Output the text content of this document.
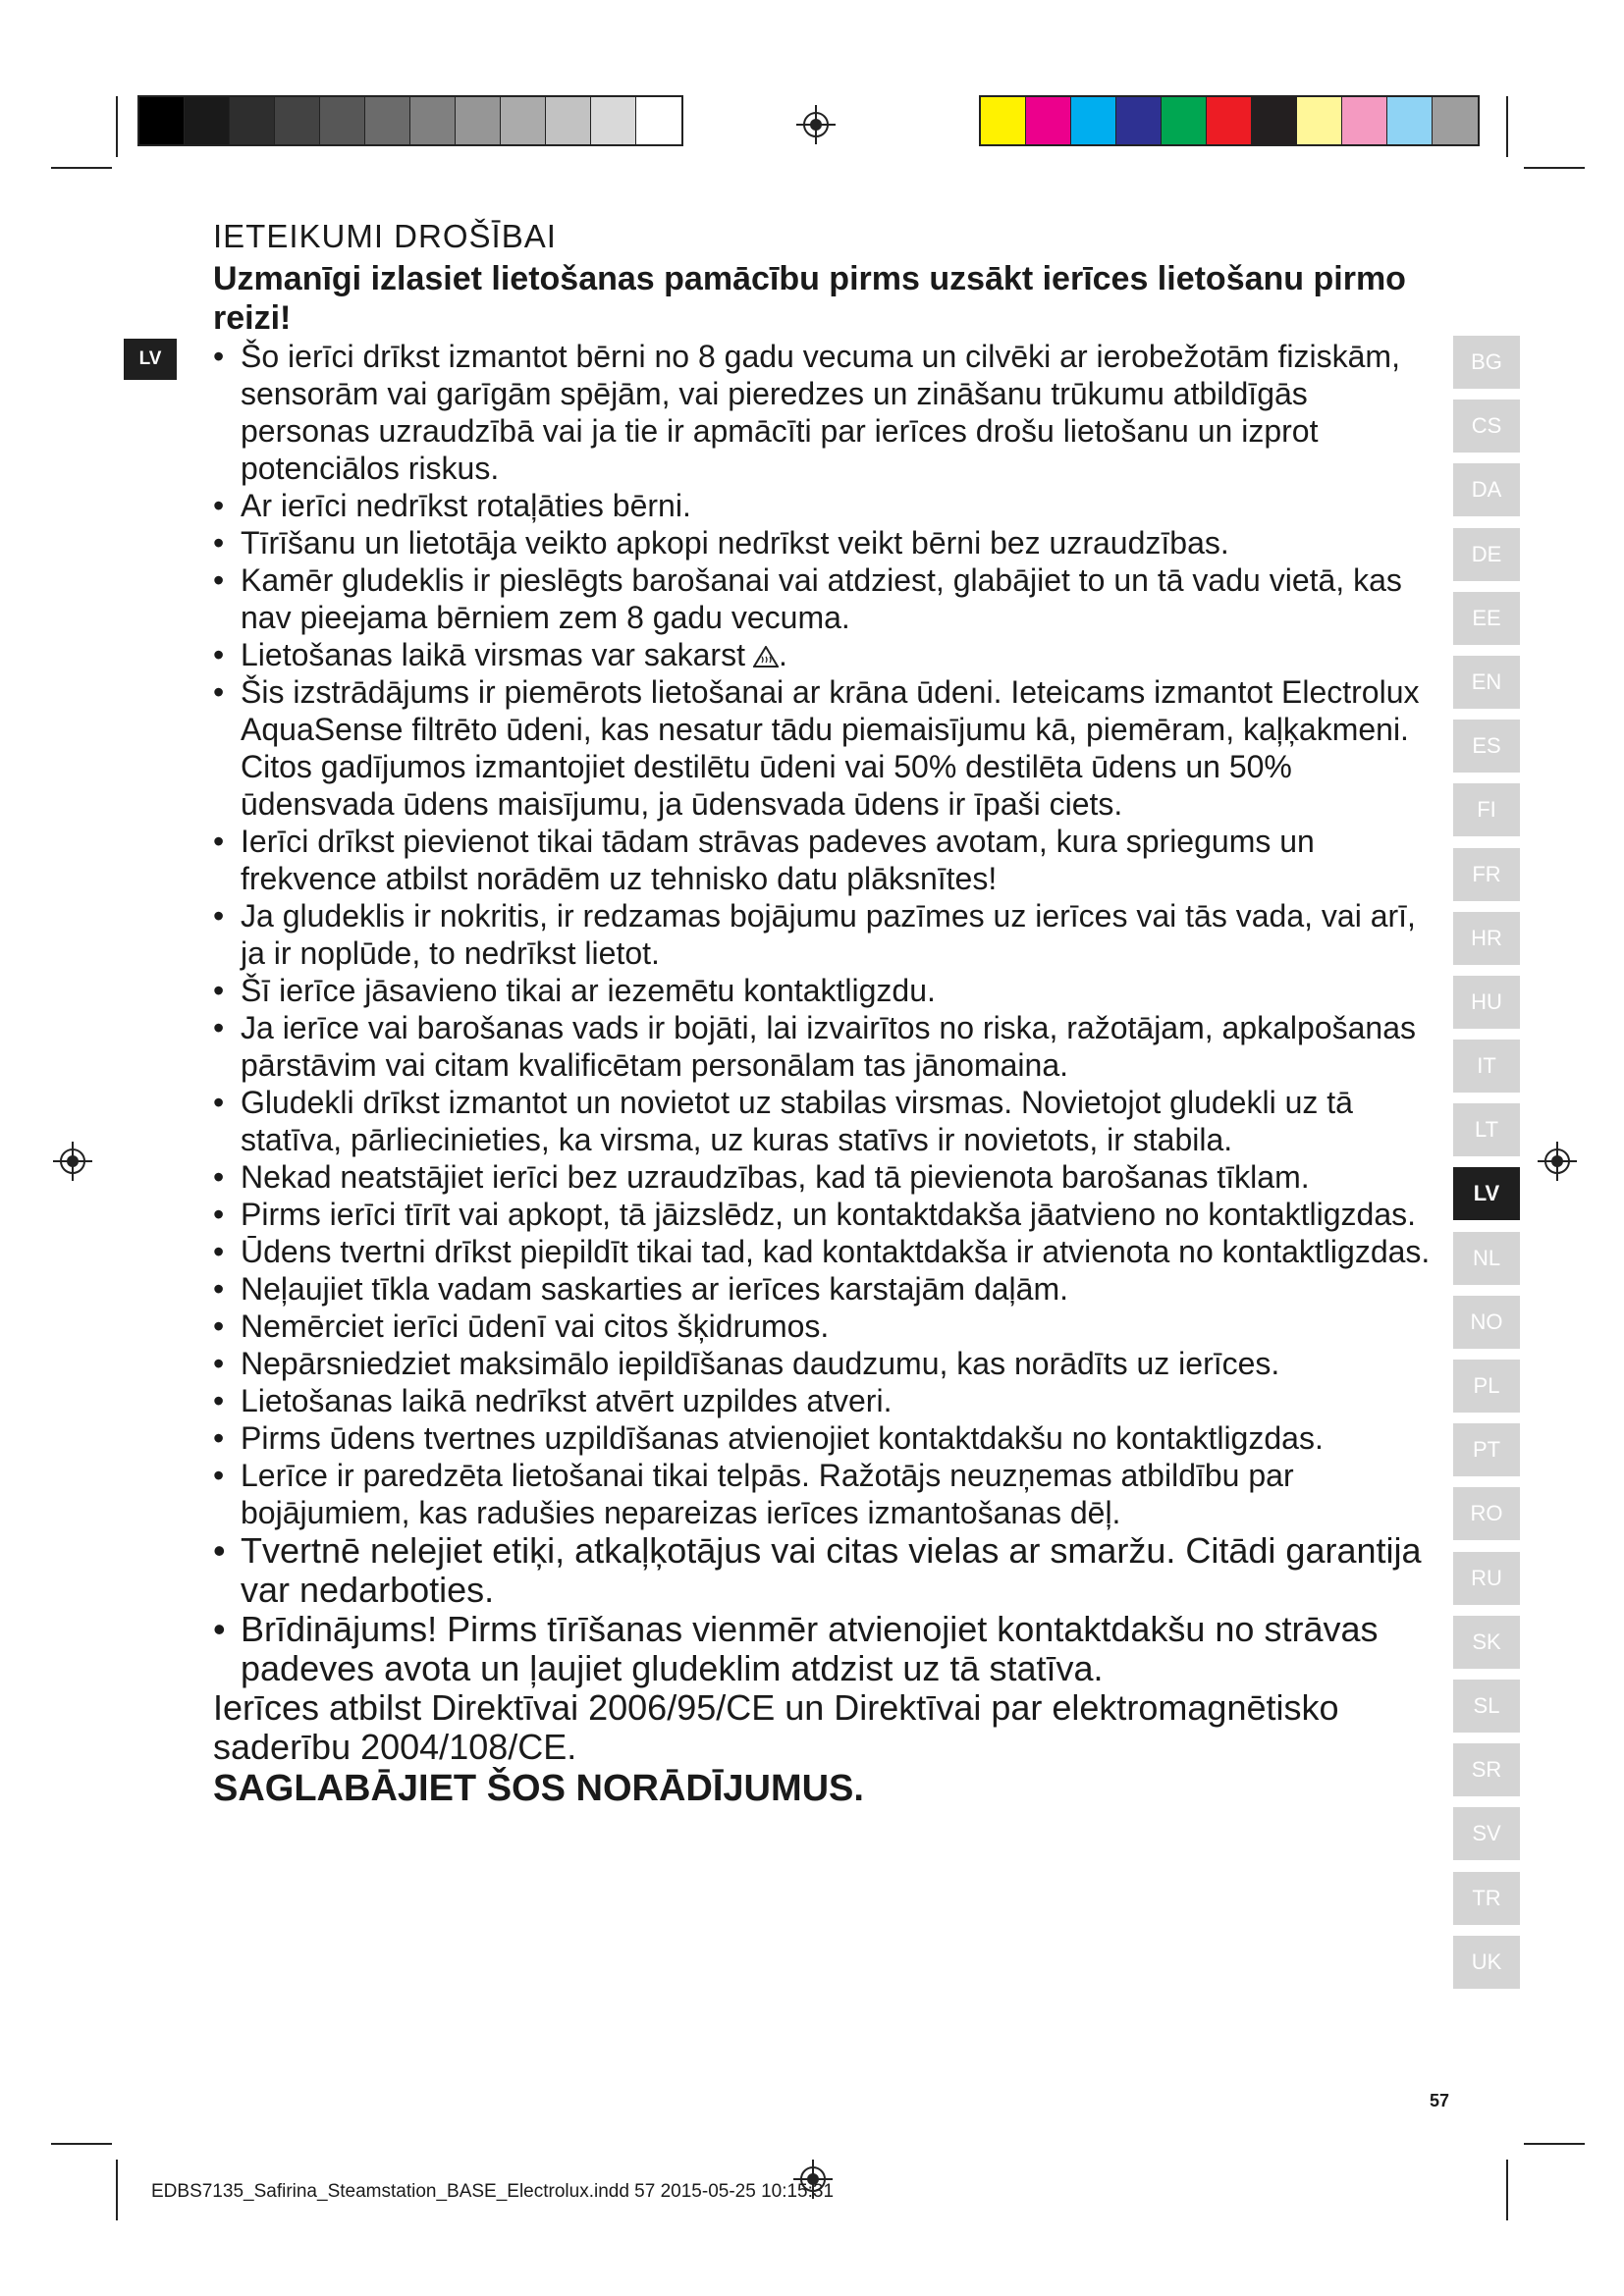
LV	BG
CS
DA
DE
EE
EN
ES
FI
FR
HR
HU
IT
LT
LV
NL
NO
PL
PT
RO
RU
SK
SL
SR
SV
TR
UK
IETEIKUMI DROŠĪBAI

Uzmanīgi izlasiet lietošanas pamācību pirms uzsākt ierīces lietošanu pirmo reizi!

• Šo ierīci drīkst izmantot bērni no 8 gadu vecuma un cilvēki ar ierobežotām fiziskām, sensorām vai garīgām spējām, vai pieredzes un zināšanu trūkumu atbildīgās personas uzraudzībā vai ja tie ir apmācīti par ierīces drošu lietošanu un izprot potenciālos riskus.
• Ar ierīci nedrīkst rotaļāties bērni.
• Tīrīšanu un lietotāja veikto apkopi nedrīkst veikt bērni bez uzraudzības.
• Kamēr gludeklis ir pieslēgts barošanai vai atdziest, glabājiet to un tā vadu vietā, kas nav pieejama bērniem zem 8 gadu vecuma.
• Lietošanas laikā virsmas var sakarst .
• Šis izstrādājums ir piemērots lietošanai ar krāna ūdeni. Ieteicams izmantot Electrolux AquaSense filtrēto ūdeni, kas nesatur tādu piemaisījumu kā, piemēram, kaļķakmeni. Citos gadījumos izmantojiet destilētu ūdeni vai 50% destilēta ūdens un 50% ūdensvada ūdens maisījumu, ja ūdensvada ūdens ir īpaši ciets.
• Ierīci drīkst pievienot tikai tādam strāvas padeves avotam, kura spriegums un frekvence atbilst norādēm uz tehnisko datu plāksnītes!
• Ja gludeklis ir nokritis, ir redzamas bojājumu pazīmes uz ierīces vai tās vada, vai arī, ja ir noplūde, to nedrīkst lietot.
• Šī ierīce jāsavieno tikai ar iezemētu kontaktligzdu.
• Ja ierīce vai barošanas vads ir bojāti, lai izvairītos no riska, ražotājam, apkalpošanas pārstāvim vai citam kvalificētam personālam tas jānomaina.
• Gludekli drīkst izmantot un novietot uz stabilas virsmas. Novietojot gludekli uz tā statīva, pārliecinieties, ka virsma, uz kuras statīvs ir novietots, ir stabila.
• Nekad neatstājiet ierīci bez uzraudzības, kad tā pievienota barošanas tīklam.
• Pirms ierīci tīrīt vai apkopt, tā jāizslēdz, un kontaktdakša jāatvieno no kontaktligzdas.
• Ūdens tvertni drīkst piepildīt tikai tad, kad kontaktdakša ir atvienota no kontaktligzdas.
• Neļaujiet tīkla vadam saskarties ar ierīces karstajām daļām.
• Nemērciet ierīci ūdenī vai citos šķidrumos.
• Nepārsniedziet maksimālo iepildīšanas daudzumu, kas norādīts uz ierīces.
• Lietošanas laikā nedrīkst atvērt uzpildes atveri.
• Pirms ūdens tvertnes uzpildīšanas atvienojiet kontaktdakšu no kontaktligzdas.
• Lerīce ir paredzēta lietošanai tikai telpās. Ražotājs neuzņemas atbildību par bojājumiem, kas radušies nepareizas ierīces izmantošanas dēļ.
• Tvertnē nelejiet etiķi, atkaļķotājus vai citas vielas ar smaržu. Citādi garantija var nedarboties.
• Brīdinājums! Pirms tīrīšanas vienmēr atvienojiet kontaktdakšu no strāvas padeves avota un ļaujiet gludeklim atdzist uz tā statīva.

Ierīces atbilst Direktīvai 2006/95/CE un Direktīvai par elektromagnētisko saderību 2004/108/CE.

SAGLABĀJIET ŠOS NORĀDĪJUMUS.

57
EDBS7135_Safirina_Steamstation_BASE_Electrolux.indd 57 2015-05-25 10:15:31
